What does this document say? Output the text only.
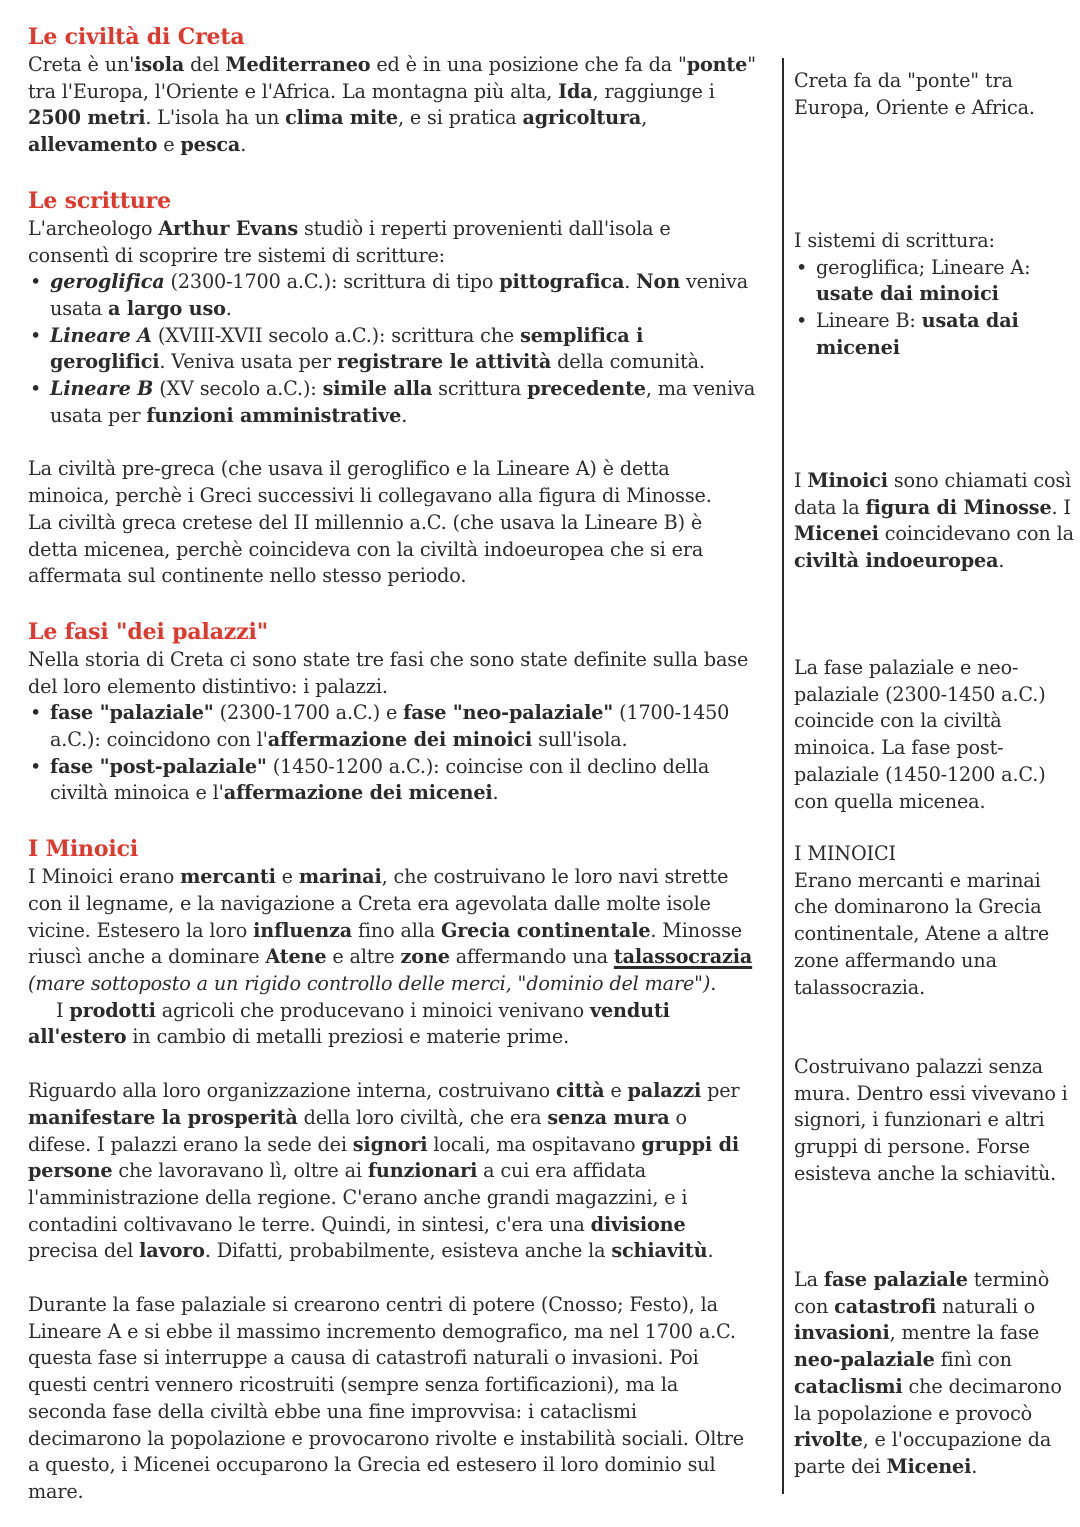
Le civiltà di Creta

Creta è un'isola del Mediterraneo ed è in una posizione che fa da "ponte" tra l'Europa, l'Oriente e l'Africa. La montagna più alta, Ida, raggiunge i 2500 metri. L'isola ha un clima mite, e si pratica agricoltura, allevamento e pesca.

Le scritture

L'archeologo Arthur Evans studiò i reperti provenienti dall'isola e consentì di scoprire tre sistemi di scritture:

• geroglifica (2300-1700 a.C.): scrittura di tipo pittografica. Non veniva usata a largo uso.
• Lineare A (XVIII-XVII secolo a.C.): scrittura che semplifica i geroglifici. Veniva usata per registrare le attività della comunità.
• Lineare B (XV secolo a.C.): simile alla scrittura precedente, ma veniva usata per funzioni amministrative.

La civiltà pre-greca (che usava il geroglifico e la Lineare A) è detta minoica, perchè i Greci successivi li collegavano alla figura di Minosse.

La civiltà greca cretese del II millennio a.C. (che usava la Lineare B) è detta micenea, perchè coincideva con la civiltà indoeuropea che si era affermata sul continente nello stesso periodo.

Le fasi "dei palazzi"

Nella storia di Creta ci sono state tre fasi che sono state definite sulla base del loro elemento distintivo: i palazzi.

• fase "palaziale" (2300-1700 a.C.) e fase "neo-palaziale" (1700-1450 a.C.): coincidono con l'affermazione dei minoici sull'isola.
• fase "post-palaziale" (1450-1200 a.C.): coincise con il declino della civiltà minoica e l'affermazione dei micenei.
I Minoici

I Minoici erano mercanti e marinai, che costruivano le loro navi strette con il legname, e la navigazione a Creta era agevolata dalle molte isole vicine. Estesero la loro influenza fino alla Grecia continentale. Minosse riuscì anche a dominare Atene e altre zone affermando una talassocrazia (mare sottoposto a un rigido controllo delle merci, "dominio del mare").

I prodotti agricoli che producevano i minoici venivano venduti all'estero in cambio di metalli preziosi e materie prime.

Riguardo alla loro organizzazione interna, costruivano città e palazzi per manifestare la prosperità della loro civiltà, che era senza mura o difese. I palazzi erano la sede dei signori locali, ma ospitavano gruppi di persone che lavoravano lì, oltre ai funzionari a cui era affidata l'amministrazione della regione. C'erano anche grandi magazzini, e i contadini coltivavano le terre. Quindi, in sintesi, c'era una divisione precisa del lavoro. Difatti, probabilmente, esisteva anche la schiavitù.

Durante la fase palaziale si crearono centri di potere (Cnosso; Festo), la Lineare A e si ebbe il massimo incremento demografico, ma nel 1700 a.C. questa fase si interruppe a causa di catastrofi naturali o invasioni. Poi questi centri vennero ricostruiti (sempre senza fortificazioni), ma la seconda fase della civiltà ebbe una fine improvvisa: i cataclismi decimarono la popolazione e provocarono rivolte e instabilità sociali. Oltre a questo, i Micenei occuparono la Grecia ed estesero il loro dominio sul mare.

Creta fa da "ponte" tra Europa, Oriente e Africa.

I sistemi di scrittura:
• geroglifica; Lineare A: usate dai minoici
• Lineare B: usata dai micenei

I Minoici sono chiamati così data la figura di Minosse. I Micenei coincidevano con la civiltà indoeuropea.

La fase palaziale e neo-palaziale (2300-1450 a.C.) coincide con la civiltà minoica. La fase post-palaziale (1450-1200 a.C.) con quella micenea.

I MINOICI
Erano mercanti e marinai che dominarono la Grecia continentale, Atene a altre zone affermando una talassocrazia.

Costruivano palazzi senza mura. Dentro essi vivevano i signori, i funzionari e altri gruppi di persone. Forse esisteva anche la schiavitù.

La fase palaziale terminò con catastrofi naturali o invasioni, mentre la fase neo-palaziale finì con cataclismi che decimarono la popolazione e provocò rivolte, e l'occupazione da parte dei Micenei.
